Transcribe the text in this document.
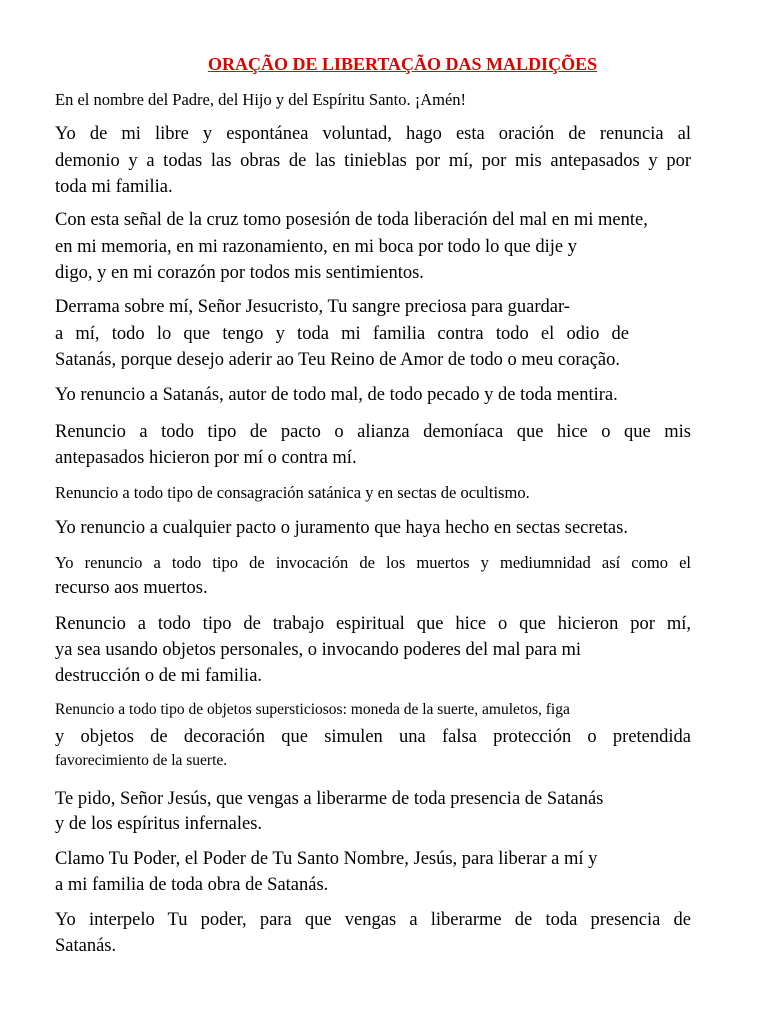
ORAÇÃO DE LIBERTAÇÃO DAS MALDIÇÕES
En el nombre del Padre, del Hijo y del Espíritu Santo. ¡Amén!
Yo de mi libre y espontánea voluntad, hago esta oración de renuncia al
demonio y a todas las obras de las tinieblas por mí, por mis antepasados y por
toda mi familia.
Con esta señal de la cruz tomo posesión de toda liberación del mal en mi mente,
en mi memoria, en mi razonamiento, en mi boca por todo lo que dije y
digo, y en mi corazón por todos mis sentimientos.
Derrama sobre mí, Señor Jesucristo, Tu sangre preciosa para guardar-
a mí, todo lo que tengo y toda mi familia contra todo el odio de
Satanás, porque desejo aderir ao Teu Reino de Amor de todo o meu coração.
Yo renuncio a Satanás, autor de todo mal, de todo pecado y de toda mentira.
Renuncio a todo tipo de pacto o alianza demoníaca que hice o que mis
antepasados hicieron por mí o contra mí.
Renuncio a todo tipo de consagración satánica y en sectas de ocultismo.
Yo renuncio a cualquier pacto o juramento que haya hecho en sectas secretas.
Yo renuncio a todo tipo de invocación de los muertos y mediumnidad así como el
recurso aos muertos.
Renuncio a todo tipo de trabajo espiritual que hice o que hicieron por mí,
ya sea usando objetos personales, o invocando poderes del mal para mi
destrucción o de mi familia.
Renuncio a todo tipo de objetos supersticiosos: moneda de la suerte, amuletos, figa
y objetos de decoración que simulen una falsa protección o pretendida
favorecimiento de la suerte.
Te pido, Señor Jesús, que vengas a liberarme de toda presencia de Satanás
y de los espíritus infernales.
Clamo Tu Poder, el Poder de Tu Santo Nombre, Jesús, para liberar a mí y
a mi familia de toda obra de Satanás.
Yo interpelo Tu poder, para que vengas a liberarme de toda presencia de
Satanás.
